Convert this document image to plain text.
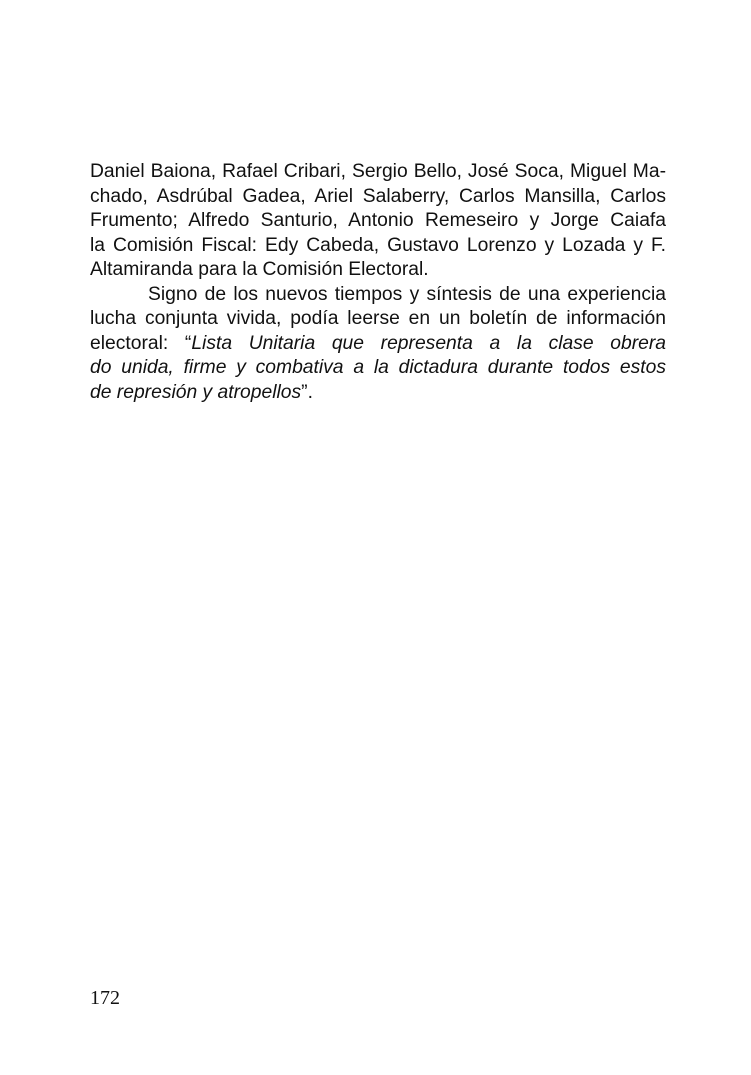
Daniel Baiona, Rafael Cribari, Sergio Bello, José Soca, Miguel Ma-
chado, Asdrúbal Gadea, Ariel Salaberry, Carlos Mansilla, Carlos
Frumento; Alfredo Santurio, Antonio Remeseiro y Jorge Caiafa
la Comisión Fiscal: Edy Cabeda, Gustavo Lorenzo y Lozada y F.
Altamiranda para la Comisión Electoral.
Signo de los nuevos tiempos y síntesis de una experiencia
lucha conjunta vivida, podía leerse en un boletín de información
electoral: “Lista Unitaria que representa a la clase obrera
do unida, firme y combativa a la dictadura durante todos estos
de represión y atropellos”.
172
